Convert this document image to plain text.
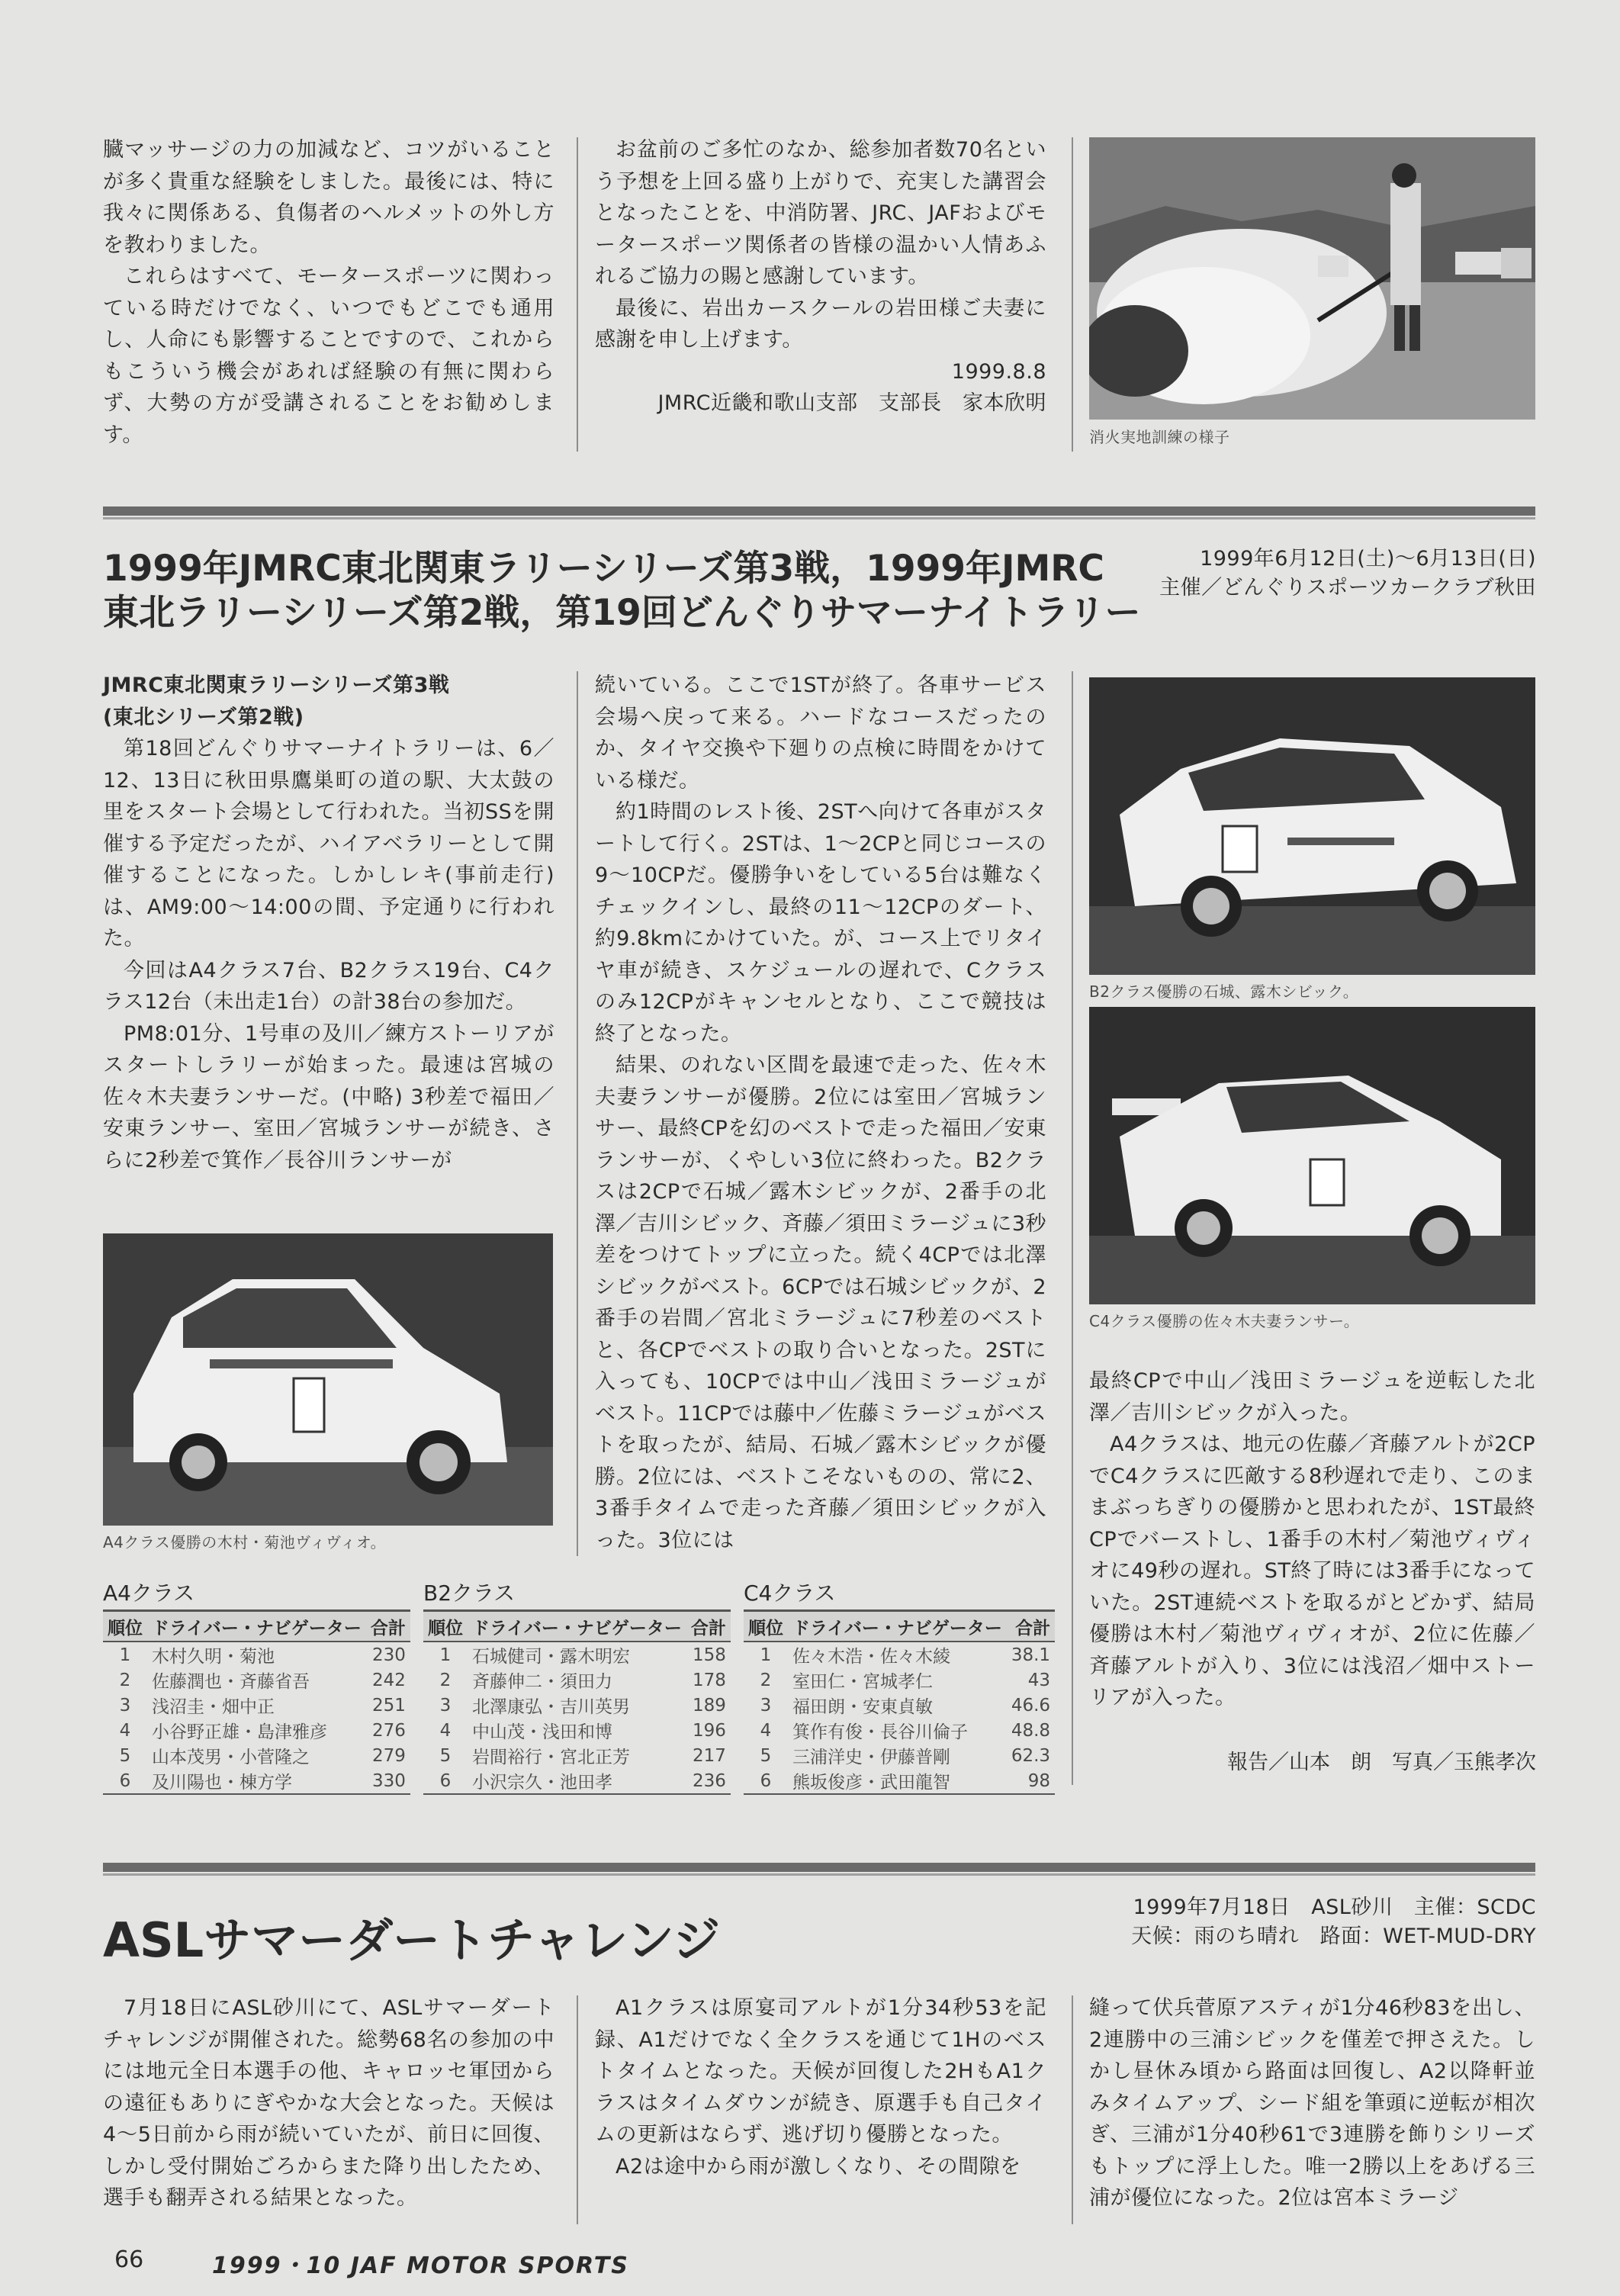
臓マッサージの力の加減など、コツがいることが多く貴重な経験をしました。最後には、特に我々に関係ある、負傷者のヘルメットの外し方を教わりました。

これらはすべて、モータースポーツに関わっている時だけでなく、いつでもどこでも通用し、人命にも影響することですので、これからもこういう機会があれば経験の有無に関わらず、大勢の方が受講されることをお勧めします。

お盆前のご多忙のなか、総参加者数70名という予想を上回る盛り上がりで、充実した講習会となったことを、中消防署、JRC、JAFおよびモータースポーツ関係者の皆様の温かい人情あふれるご協力の賜と感謝しています。

最後に、岩出カースクールの岩田様ご夫妻に感謝を申し上げます。

1999.8.8

JMRC近畿和歌山支部　支部長　家本欣明

消火実地訓練の様子
1999年JMRC東北関東ラリーシリーズ第3戦，1999年JMRC
東北ラリーシリーズ第2戦，第19回どんぐりサマーナイトラリー
1999年6月12日(土)〜6月13日(日)
主催／どんぐりスポーツカークラブ秋田

JMRC東北関東ラリーシリーズ第3戦

(東北シリーズ第2戦)

第18回どんぐりサマーナイトラリーは、6／12、13日に秋田県鷹巣町の道の駅、大太鼓の里をスタート会場として行われた。当初SSを開催する予定だったが、ハイアベラリーとして開催することになった。しかしレキ(事前走行)は、AM9:00〜14:00の間、予定通りに行われた。

今回はA4クラス7台、B2クラス19台、C4クラス12台（未出走1台）の計38台の参加だ。

PM8:01分、1号車の及川／練方ストーリアがスタートしラリーが始まった。最速は宮城の佐々木夫妻ランサーだ。(中略) 3秒差で福田／安東ランサー、室田／宮城ランサーが続き、さらに2秒差で箕作／長谷川ランサーが

A4クラス優勝の木村・菊池ヴィヴィオ。

続いている。ここで1STが終了。各車サービス会場へ戻って来る。ハードなコースだったのか、タイヤ交換や下廻りの点検に時間をかけている様だ。

約1時間のレスト後、2STへ向けて各車がスタートして行く。2STは、1〜2CPと同じコースの9〜10CPだ。優勝争いをしている5台は難なくチェックインし、最終の11〜12CPのダート、約9.8kmにかけていた。が、コース上でリタイヤ車が続き、スケジュールの遅れで、Cクラスのみ12CPがキャンセルとなり、ここで競技は終了となった。

結果、のれない区間を最速で走った、佐々木夫妻ランサーが優勝。2位には室田／宮城ランサー、最終CPを幻のベストで走った福田／安東ランサーが、くやしい3位に終わった。B2クラスは2CPで石城／露木シビックが、2番手の北澤／吉川シビック、斉藤／須田ミラージュに3秒差をつけてトップに立った。続く4CPでは北澤シビックがベスト。6CPでは石城シビックが、2番手の岩間／宮北ミラージュに7秒差のベストと、各CPでベストの取り合いとなった。2STに入っても、10CPでは中山／浅田ミラージュがベスト。11CPでは藤中／佐藤ミラージュがベストを取ったが、結局、石城／露木シビックが優勝。2位には、ベストこそないものの、常に2、3番手タイムで走った斉藤／須田シビックが入った。3位には

B2クラス優勝の石城、露木シビック。
C4クラス優勝の佐々木夫妻ランサー。

最終CPで中山／浅田ミラージュを逆転した北澤／吉川シビックが入った。

A4クラスは、地元の佐藤／斉藤アルトが2CPでC4クラスに匹敵する8秒遅れで走り、このままぶっちぎりの優勝かと思われたが、1ST最終CPでバーストし、1番手の木村／菊池ヴィヴィオに49秒の遅れ。ST終了時には3番手になっていた。2ST連続ベストを取るがとどかず、結局優勝は木村／菊池ヴィヴィオが、2位に佐藤／斉藤アルトが入り、3位には浅沼／畑中ストーリアが入った。

報告／山本　朗　写真／玉熊孝次
A4クラス
順位	ドライバー・ナビゲーター	合計
1	木村久明・菊池	230
2	佐藤潤也・斉藤省吾	242
3	浅沼圭・畑中正	251
4	小谷野正雄・島津雅彦	276
5	山本茂男・小菅隆之	279
6	及川陽也・棟方学	330
B2クラス
順位	ドライバー・ナビゲーター	合計
1	石城健司・露木明宏	158
2	斉藤伸二・須田力	178
3	北澤康弘・吉川英男	189
4	中山茂・浅田和博	196
5	岩間裕行・宮北正芳	217
6	小沢宗久・池田孝	236
C4クラス
順位	ドライバー・ナビゲーター	合計
1	佐々木浩・佐々木綾	38.1
2	室田仁・宮城孝仁	43
3	福田朗・安東貞敏	46.6
4	箕作有俊・長谷川倫子	48.8
5	三浦洋史・伊藤普剛	62.3
6	熊坂俊彦・武田龍智	98
ASLサマーダートチャレンジ
1999年7月18日　ASL砂川　主催：SCDC
天候：雨のち晴れ　路面：WET-MUD-DRY

7月18日にASL砂川にて、ASLサマーダートチャレンジが開催された。総勢68名の参加の中には地元全日本選手の他、キャロッセ軍団からの遠征もありにぎやかな大会となった。天候は4〜5日前から雨が続いていたが、前日に回復、しかし受付開始ごろからまた降り出したため、選手も翻弄される結果となった。

A1クラスは原宴司アルトが1分34秒53を記録、A1だけでなく全クラスを通じて1Hのベストタイムとなった。天候が回復した2HもA1クラスはタイムダウンが続き、原選手も自己タイムの更新はならず、逃げ切り優勝となった。

A2は途中から雨が激しくなり、その間隙を

縫って伏兵菅原アスティが1分46秒83を出し、2連勝中の三浦シビックを僅差で押さえた。しかし昼休み頃から路面は回復し、A2以降軒並みタイムアップ、シード組を筆頭に逆転が相次ぎ、三浦が1分40秒61で3連勝を飾りシリーズもトップに浮上した。唯一2勝以上をあげる三浦が優位になった。2位は宮本ミラージ

66	1999・10 JAF MOTOR SPORTS
